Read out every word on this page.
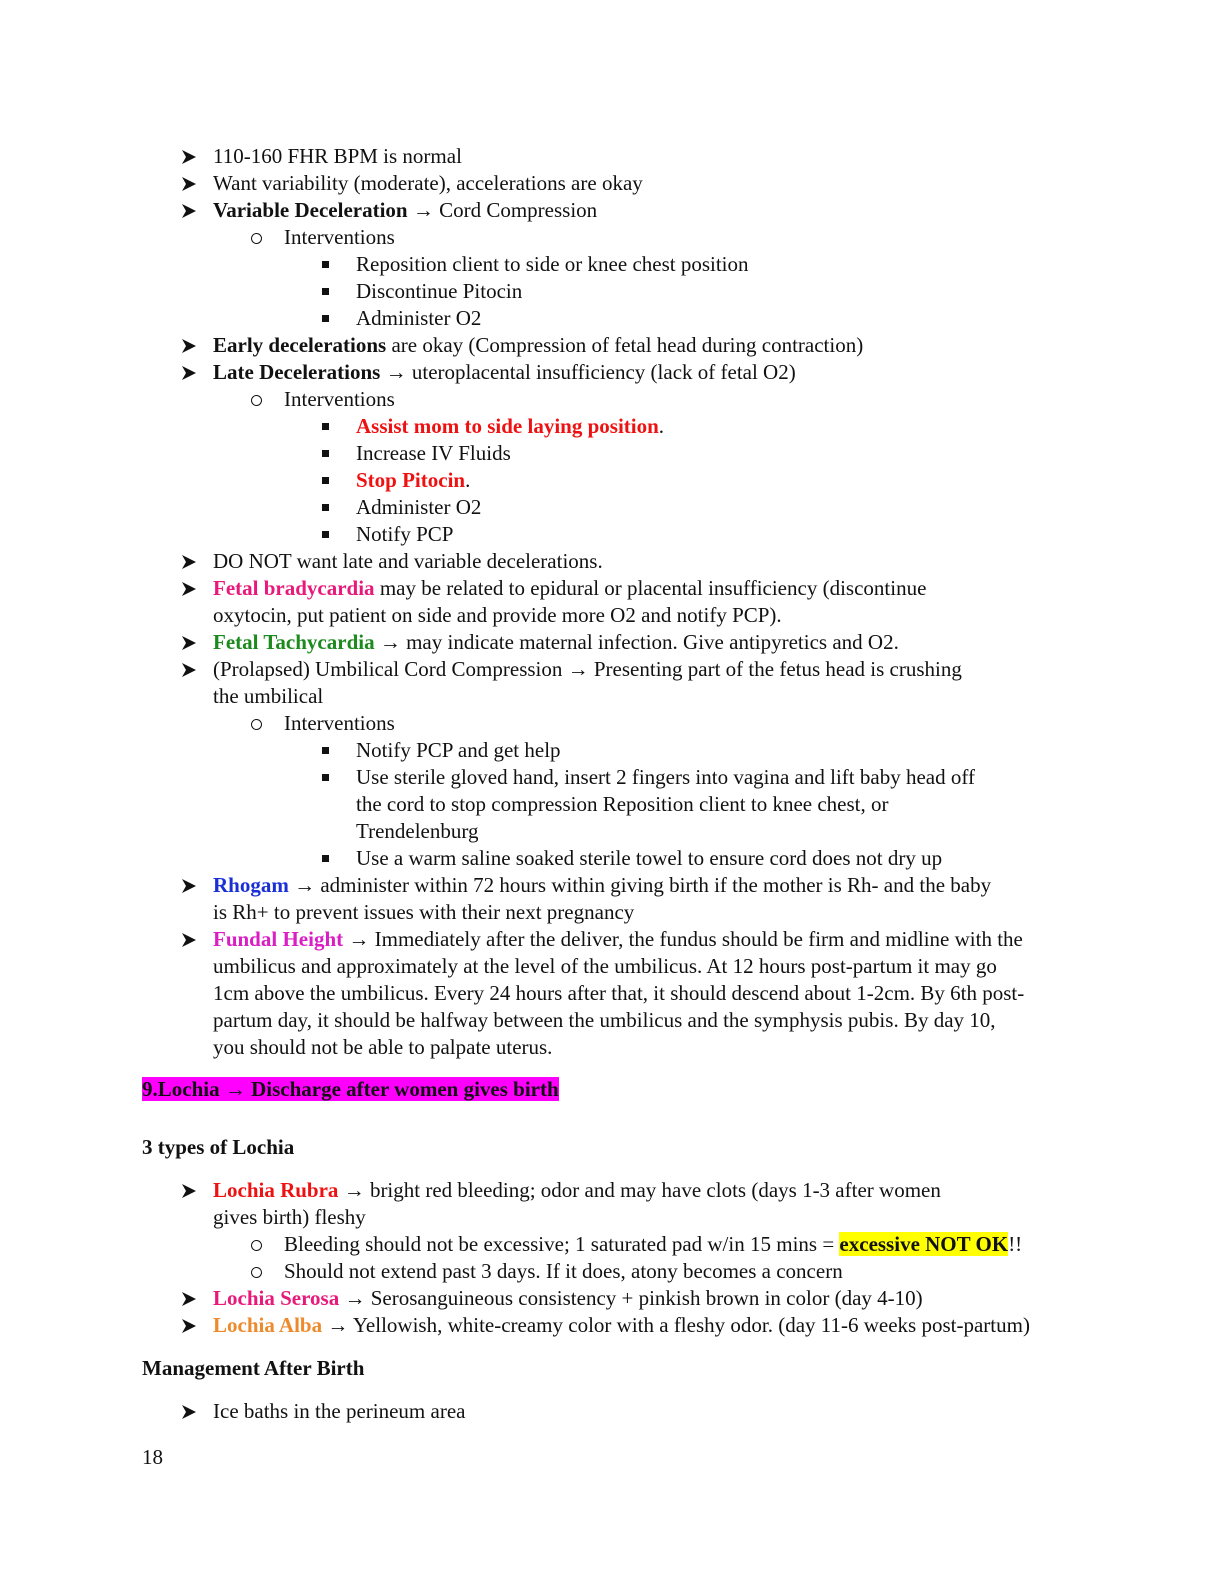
110-160 FHR BPM is normal
Want variability (moderate), accelerations are okay
Variable Deceleration → Cord Compression
Interventions
Reposition client to side or knee chest position
Discontinue Pitocin
Administer O2
Early decelerations are okay (Compression of fetal head during contraction)
Late Decelerations → uteroplacental insufficiency (lack of fetal O2)
Interventions
Assist mom to side laying position.
Increase IV Fluids
Stop Pitocin.
Administer O2
Notify PCP
DO NOT want late and variable decelerations.
Fetal bradycardia may be related to epidural or placental insufficiency (discontinue
oxytocin, put patient on side and provide more O2 and notify PCP).
Fetal Tachycardia → may indicate maternal infection. Give antipyretics and O2.
(Prolapsed) Umbilical Cord Compression → Presenting part of the fetus head is crushing
the umbilical
Interventions
Notify PCP and get help
Use sterile gloved hand, insert 2 fingers into vagina and lift baby head off
the cord to stop compression Reposition client to knee chest, or
Trendelenburg
Use a warm saline soaked sterile towel to ensure cord does not dry up
Rhogam → administer within 72 hours within giving birth if the mother is Rh- and the baby
is Rh+ to prevent issues with their next pregnancy
Fundal Height → Immediately after the deliver, the fundus should be firm and midline with the
umbilicus and approximately at the level of the umbilicus. At 12 hours post-partum it may go
1cm above the umbilicus. Every 24 hours after that, it should descend about 1-2cm. By 6th post-
partum day, it should be halfway between the umbilicus and the symphysis pubis. By day 10,
you should not be able to palpate uterus.
9.Lochia → Discharge after women gives birth
3 types of Lochia
Lochia Rubra → bright red bleeding; odor and may have clots (days 1-3 after women
gives birth) fleshy
Bleeding should not be excessive; 1 saturated pad w/in 15 mins = excessive NOT OK!!
Should not extend past 3 days. If it does, atony becomes a concern
Lochia Serosa → Serosanguineous consistency + pinkish brown in color (day 4-10)
Lochia Alba → Yellowish, white-creamy color with a fleshy odor. (day 11-6 weeks post-partum)
Management After Birth
Ice baths in the perineum area
18
